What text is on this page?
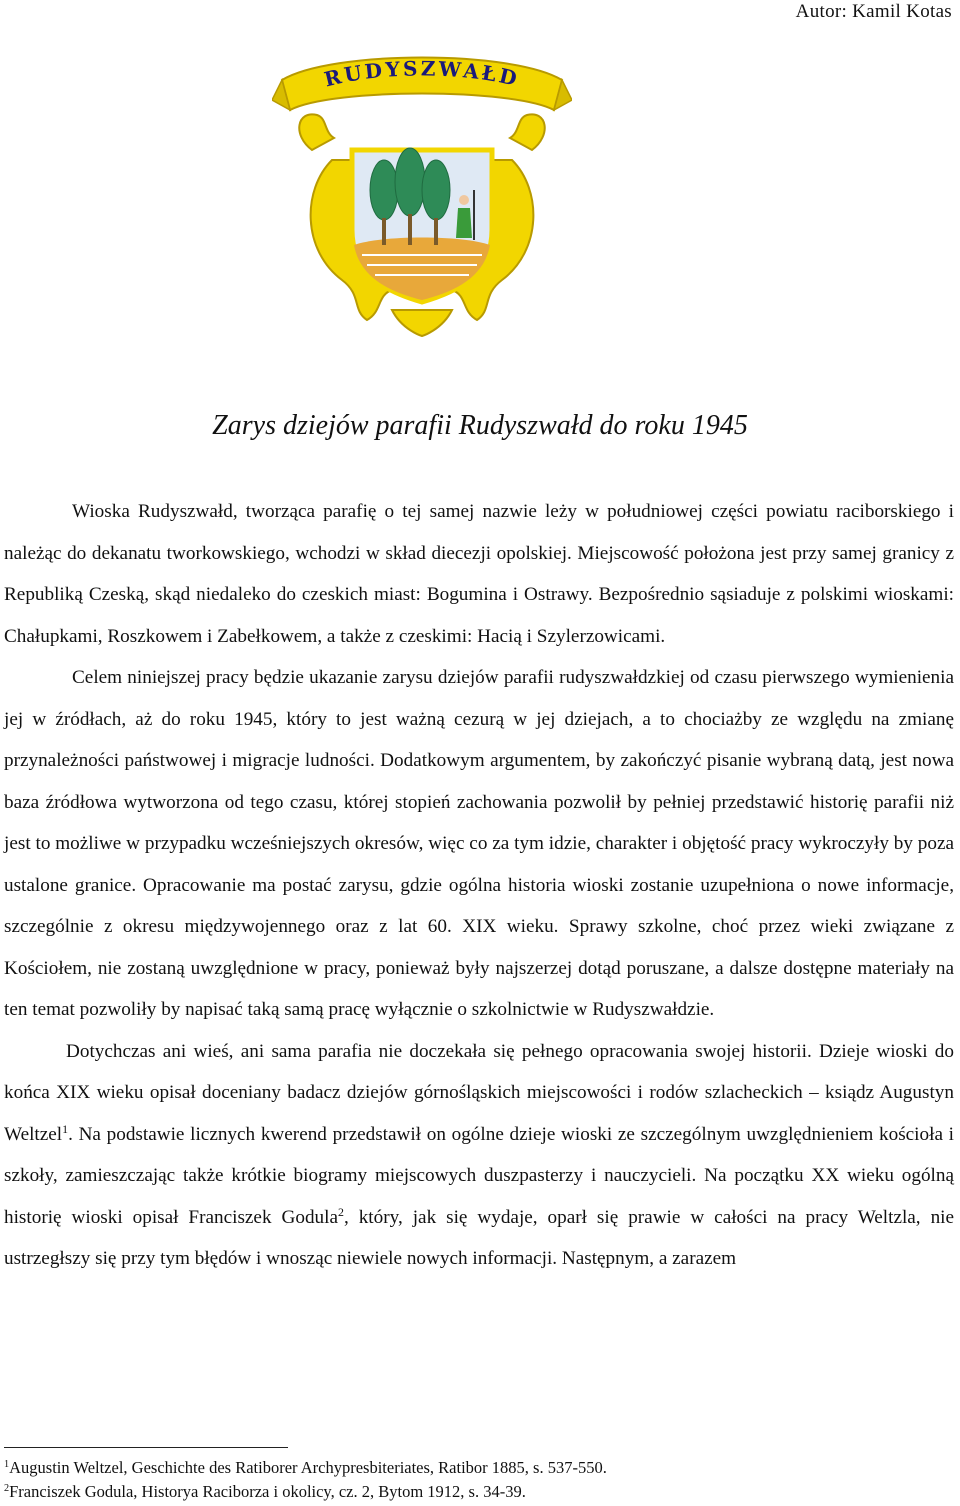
Autor: Kamil Kotas
RUDYSZWAŁD
Zarys dziejów parafii Rudyszwałd do roku 1945

Wioska Rudyszwałd, tworząca parafię o tej samej nazwie leży w południowej części powiatu raciborskiego i należąc do dekanatu tworkowskiego, wchodzi w skład diecezji opolskiej. Miejscowość położona jest przy samej granicy z Republiką Czeską, skąd niedaleko do czeskich miast: Bogumina i Ostrawy. Bezpośrednio sąsiaduje z polskimi wioskami: Chałupkami, Roszkowem i Zabełkowem, a także z czeskimi: Hacią i Szylerzowicami.

Celem niniejszej pracy będzie ukazanie zarysu dziejów parafii rudyszwałdzkiej od czasu pierwszego wymienienia jej w źródłach, aż do roku 1945, który to jest ważną cezurą w jej dziejach, a to chociażby ze względu na zmianę przynależności państwowej i migracje ludności. Dodatkowym argumentem, by zakończyć pisanie wybraną datą, jest nowa baza źródłowa wytworzona od tego czasu, której stopień zachowania pozwolił by pełniej przedstawić historię parafii niż jest to możliwe w przypadku wcześniejszych okresów, więc co za tym idzie, charakter i objętość pracy wykroczyły by poza ustalone granice. Opracowanie ma postać zarysu, gdzie ogólna historia wioski zostanie uzupełniona o nowe informacje, szczególnie z okresu międzywojennego oraz z lat 60. XIX wieku. Sprawy szkolne, choć przez wieki związane z Kościołem, nie zostaną uwzględnione w pracy, ponieważ były najszerzej dotąd poruszane, a dalsze dostępne materiały na ten temat pozwoliły by napisać taką samą pracę wyłącznie o szkolnictwie w Rudyszwałdzie.

Dotychczas ani wieś, ani sama parafia nie doczekała się pełnego opracowania swojej historii. Dzieje wioski do końca XIX wieku opisał doceniany badacz dziejów górnośląskich miejscowości i rodów szlacheckich – ksiądz Augustyn Weltzel$^1$. Na podstawie licznych kwerend przedstawił on ogólne dzieje wioski ze szczególnym uwzględnieniem kościoła i szkoły, zamieszczając także krótkie biogramy miejscowych duszpasterzy i nauczycieli. Na początku XX wieku ogólną historię wioski opisał Franciszek Godula$^2$, który, jak się wydaje, oparł się prawie w całości na pracy Weltzla, nie ustrzegłszy się przy tym błędów i wnosząc niewiele nowych informacji. Następnym, a zarazem

$^1$Augustin Weltzel, Geschichte des Ratiborer Archypresbiteriates, Ratibor 1885, s. 537-550.
$^2$Franciszek Godula, Historya Raciborza i okolicy, cz. 2, Bytom 1912, s. 34-39.
